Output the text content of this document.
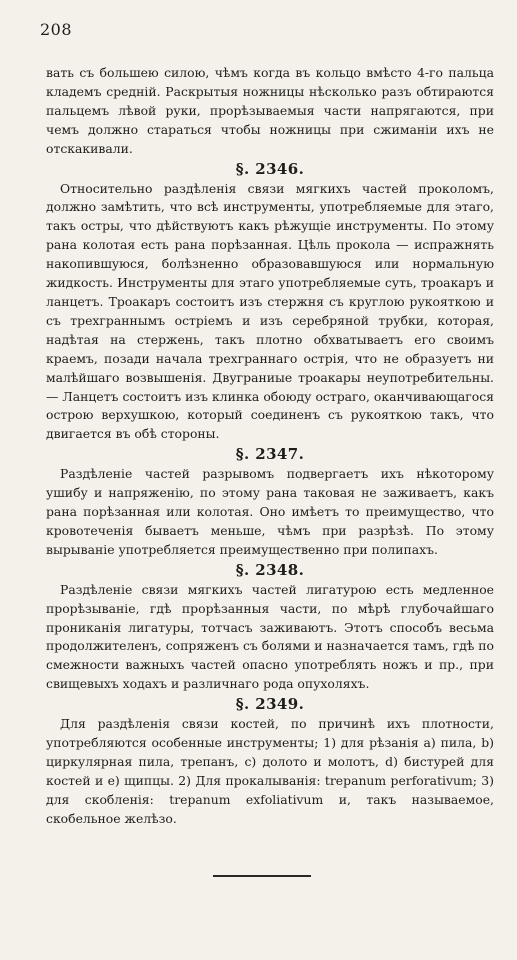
208

вать съ большею силою, чѣмъ когда въ кольцо вмѣсто 4-го пальца кладемъ средній. Раскрытыя ножницы нѣсколько разъ обтираются пальцемъ лѣвой руки, прорѣзываемыя части напрягаются, при чемъ должно стараться чтобы ножницы при сжиманіи ихъ не отскакивали.

§. 2346.

Относительно раздѣленія связи мягкихъ частей проколомъ, должно замѣтить, что всѣ инструменты, употребляемые для этаго, такъ остры, что дѣйствуютъ какъ рѣжущіе инструменты. По этому рана колотая есть рана порѣзанная. Цѣль прокола — испражнять накопившуюся, болѣзненно образовавшуюся или нормальную жидкость. Инструменты для этаго употребляемые суть, троакаръ и ланцетъ. Троакаръ состоитъ изъ стержня съ круглою рукояткою и съ трехграннымъ остріемъ и изъ серебряной трубки, которая, надѣтая на стержень, такъ плотно обхватываетъ его своимъ краемъ, позади начала трехграннаго острія, что не образуетъ ни малѣйшаго возвышенія. Двуграниые троакары неупотребительны. — Ланцетъ состоитъ изъ клинка обоюду остраго, оканчивающагося острою верхушкою, который соединенъ съ рукояткою такъ, что двигается въ обѣ стороны.

§. 2347.

Раздѣленіе частей разрывомъ подвергаетъ ихъ нѣкоторому ушибу и напряженію, по этому рана таковая не заживаетъ, какъ рана порѣзанная или колотая. Оно имѣетъ то преимущество, что кровотеченія бываетъ меньше, чѣмъ при разрѣзѣ. По этому вырываніе употребляется преимущественно при полипахъ.

§. 2348.

Раздѣленіе связи мягкихъ частей лигатурою есть медленное прорѣзываніе, гдѣ прорѣзанныя части, по мѣрѣ глубочайшаго прониканія лигатуры, тотчасъ заживаютъ. Этотъ способъ весьма продолжителенъ, сопряженъ съ болями и назначается тамъ, гдѣ по смежности важныхъ частей опасно употреблять ножъ и пр., при свищевыхъ ходахъ и различнаго рода опухоляхъ.

§. 2349.

Для раздѣленія связи костей, по причинѣ ихъ плотности, употребляются особенные инструменты; 1) для рѣзанія а) пила, b) циркулярная пила, трепанъ, с) долото и молотъ, d) бистурей для костей и е) щипцы. 2) Для прокалыванія: trepanum perforativum; 3) для скобленія: trepanum exfoliativum и, такъ называемое, скобельное желѣзо.
